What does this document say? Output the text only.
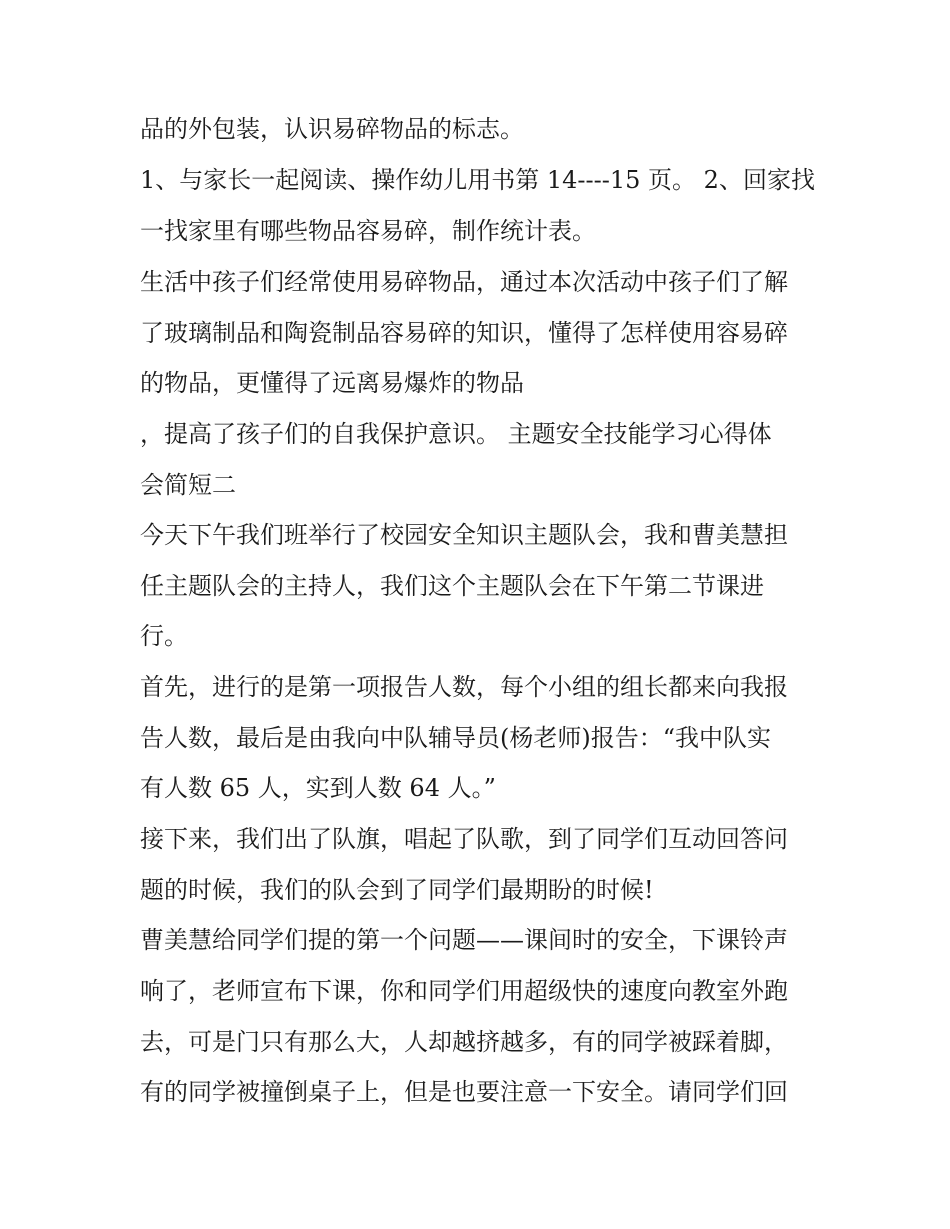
品的外包装，认识易碎物品的标志。

1、与家长一起阅读、操作幼儿用书第 14----15 页。 2、回家找

一找家里有哪些物品容易碎，制作统计表。

生活中孩子们经常使用易碎物品，通过本次活动中孩子们了解

了玻璃制品和陶瓷制品容易碎的知识，懂得了怎样使用容易碎

的物品，更懂得了远离易爆炸的物品

，提高了孩子们的自我保护意识。 主题安全技能学习心得体

会简短二

今天下午我们班举行了校园安全知识主题队会，我和曹美慧担

任主题队会的主持人，我们这个主题队会在下午第二节课进

行。

首先，进行的是第一项报告人数，每个小组的组长都来向我报

告人数，最后是由我向中队辅导员(杨老师)报告：“我中队实

有人数 65 人，实到人数 64 人。”

接下来，我们出了队旗，唱起了队歌，到了同学们互动回答问

题的时候，我们的队会到了同学们最期盼的时候!

曹美慧给同学们提的第一个问题——课间时的安全，下课铃声

响了，老师宣布下课，你和同学们用超级快的速度向教室外跑

去，可是门只有那么大，人却越挤越多，有的同学被踩着脚，

有的同学被撞倒桌子上，但是也要注意一下安全。请同学们回
